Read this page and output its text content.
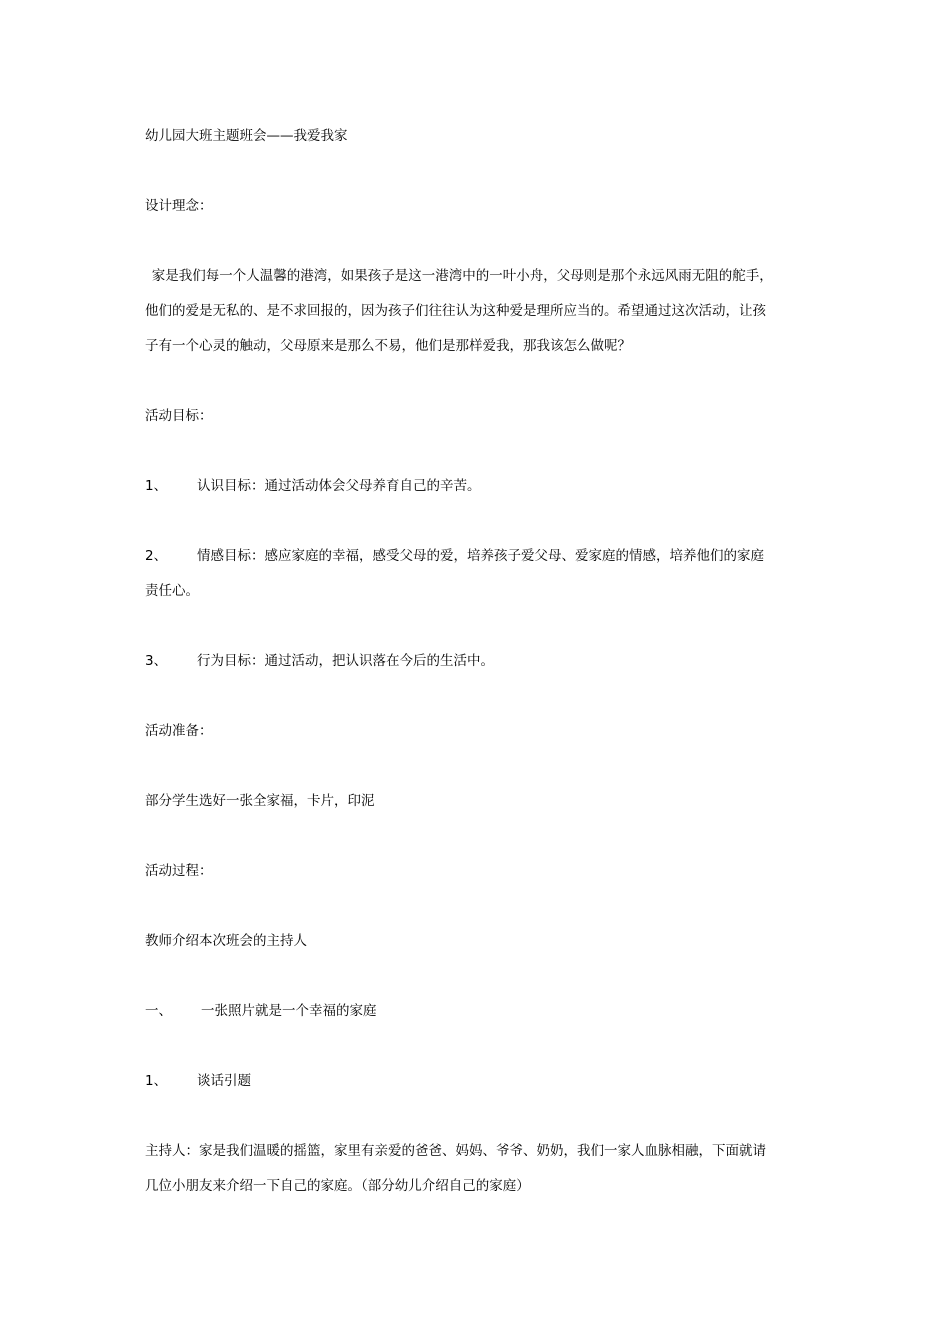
幼儿园大班主题班会——我爱我家

设计理念：

家是我们每一个人温馨的港湾，如果孩子是这一港湾中的一叶小舟，父母则是那个永远风雨无阻的舵手，

他们的爱是无私的、是不求回报的，因为孩子们往往认为这种爱是理所应当的。希望通过这次活动，让孩

子有一个心灵的触动，父母原来是那么不易，他们是那样爱我，那我该怎么做呢？

活动目标：

1、 认识目标：通过活动体会父母养育自己的辛苦。

2、 情感目标：感应家庭的幸福，感受父母的爱，培养孩子爱父母、爱家庭的情感，培养他们的家庭

责任心。

3、 行为目标：通过活动，把认识落在今后的生活中。

活动准备：

部分学生选好一张全家福，卡片，印泥

活动过程：

教师介绍本次班会的主持人

一、 一张照片就是一个幸福的家庭

1、 谈话引题

主持人：家是我们温暖的摇篮，家里有亲爱的爸爸、妈妈、爷爷、奶奶，我们一家人血脉相融，下面就请

几位小朋友来介绍一下自己的家庭。（部分幼儿介绍自己的家庭）
